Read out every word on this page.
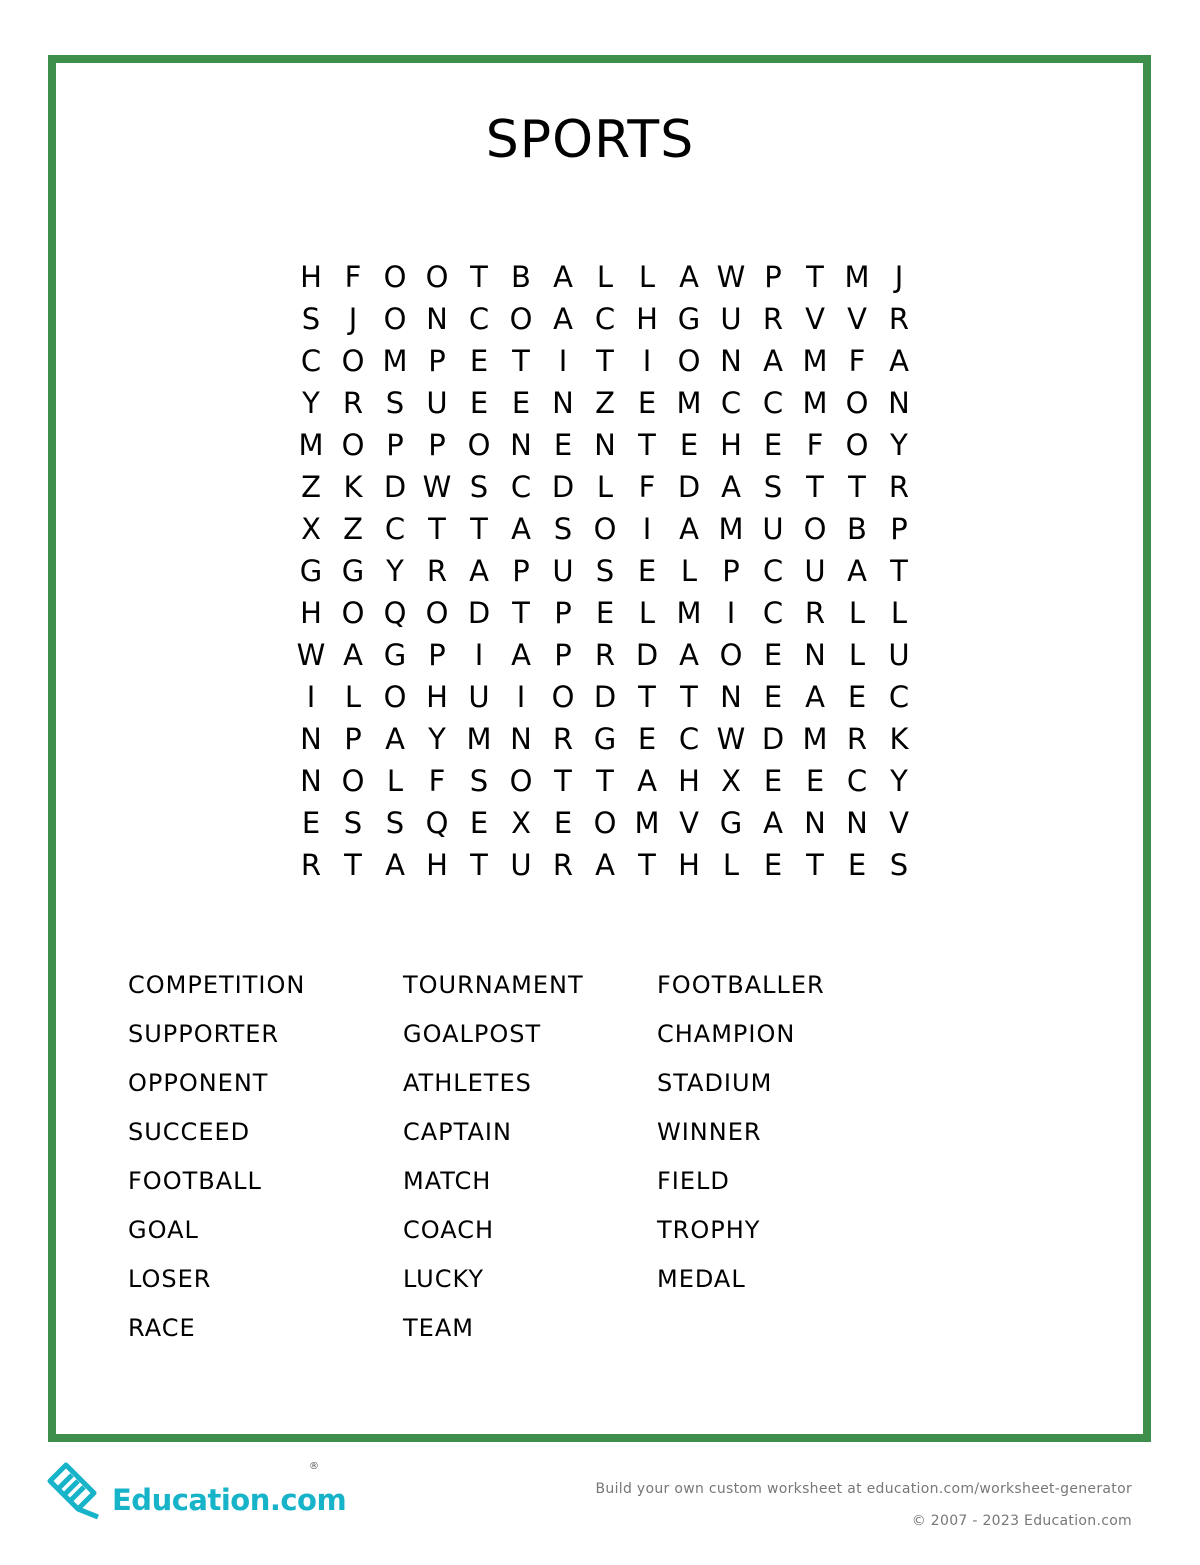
SPORTS
H F O O T B A L L A W P T M J
S J O N C O A C H G U R V V R
C O M P E T I T I O N A M F A
Y R S U E E N Z E M C C M O N
M O P P O N E N T E H E F O Y
Z K D W S C D L F D A S T T R
X Z C T T A S O I A M U O B P
G G Y R A P U S E L P C U A T
H O Q O D T P E L M I C R L L
W A G P I A P R D A O E N L U
I	L O H U I O D T T N E A E C
N P A Y M N R G E C W D M R K
N O L F S O T T A H X E E C Y
E S S Q E X E O M V G A N N V
R T A H T U R A T H L E T E S
COMPETITION	TOURNAMENT	FOOTBALLER
SUPPORTER	GOALPOST	CHAMPION
OPPONENT	ATHLETES	STADIUM
SUCCEED	CAPTAIN	WINNER
FOOTBALL	MATCH	FIELD
GOAL	COACH	TROPHY
LOSER	LUCKY	MEDAL
RACE	TEAM
Education.com
®
Build your own custom worksheet at education.com/worksheet-generator
© 2007 - 2023 Education.com
